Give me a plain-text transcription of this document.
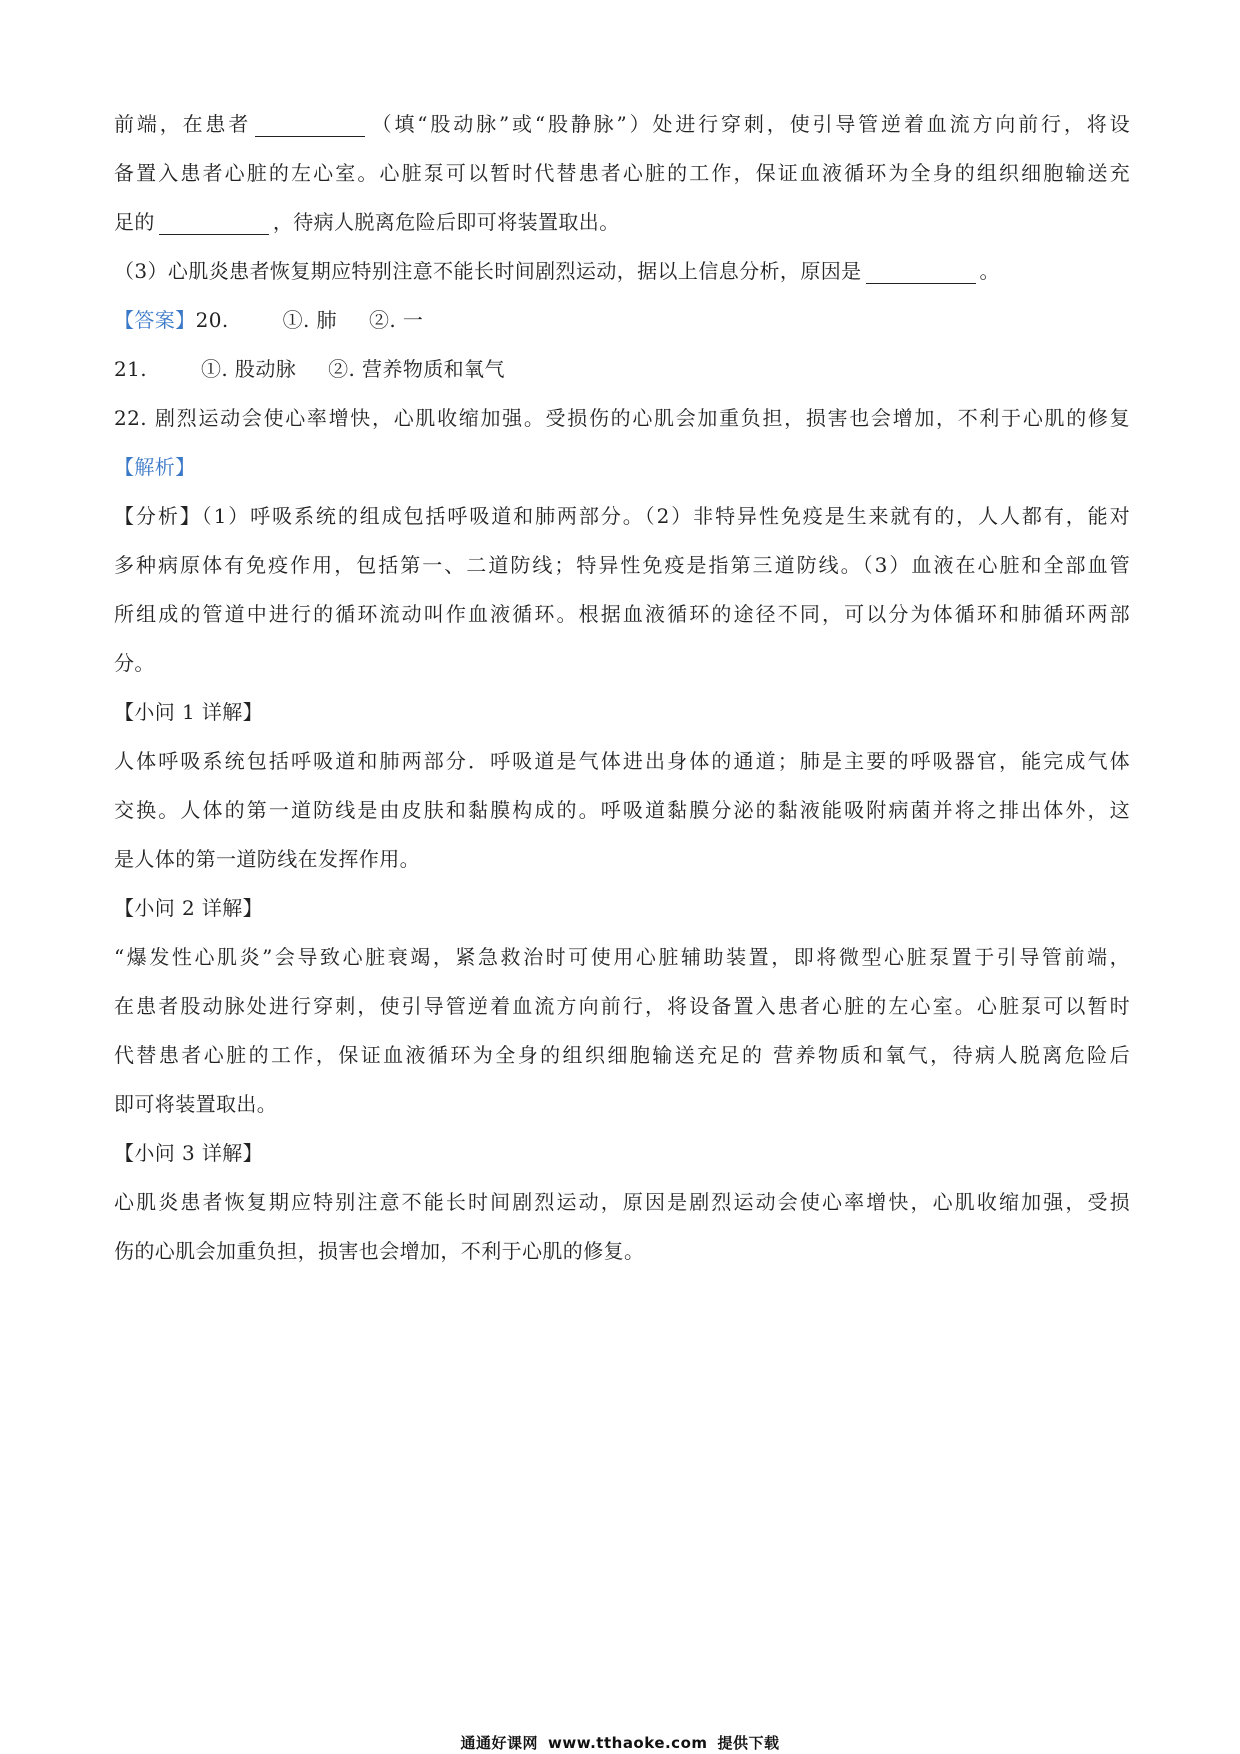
前端，在患者	（填“股动脉”或“股静脉”）处进行穿刺，使引导管逆着血流方向前行，将设
备置入患者心脏的左心室。心脏泵可以暂时代替患者心脏的工作，保证血液循环为全身的组织细胞输送充
足的	，待病人脱离危险后即可将装置取出。
（3）心肌炎患者恢复期应特别注意不能长时间剧烈运动，据以上信息分析，原因是	。
【答案】20.	①. 肺 ②. 一
21.	①. 股动脉 ②. 营养物质和氧气
22. 剧烈运动会使心率增快，心肌收缩加强。受损伤的心肌会加重负担，损害也会增加，不利于心肌的修复
【解析】
【分析】（1）呼吸系统的组成包括呼吸道和肺两部分。（2）非特异性免疫是生来就有的，人人都有，能对
多种病原体有免疫作用，包括第一、二道防线；特异性免疫是指第三道防线。（3）血液在心脏和全部血管
所组成的管道中进行的循环流动叫作血液循环。根据血液循环的途径不同，可以分为体循环和肺循环两部
分。
【小问 1 详解】
人体呼吸系统包括呼吸道和肺两部分．呼吸道是气体进出身体的通道；肺是主要的呼吸器官，能完成气体
交换。人体的第一道防线是由皮肤和黏膜构成的。呼吸道黏膜分泌的黏液能吸附病菌并将之排出体外，这
是人体的第一道防线在发挥作用。
【小问 2 详解】
“爆发性心肌炎”会导致心脏衰竭，紧急救治时可使用心脏辅助装置，即将微型心脏泵置于引导管前端，
在患者股动脉处进行穿刺，使引导管逆着血流方向前行，将设备置入患者心脏的左心室。心脏泵可以暂时
代替患者心脏的工作，保证血液循环为全身的组织细胞输送充足的 营养物质和氧气，待病人脱离危险后
即可将装置取出。
【小问 3 详解】
心肌炎患者恢复期应特别注意不能长时间剧烈运动，原因是剧烈运动会使心率增快，心肌收缩加强，受损
伤的心肌会加重负担，损害也会增加，不利于心肌的修复。
通通好课网 www.tthaoke.com 提供下载
